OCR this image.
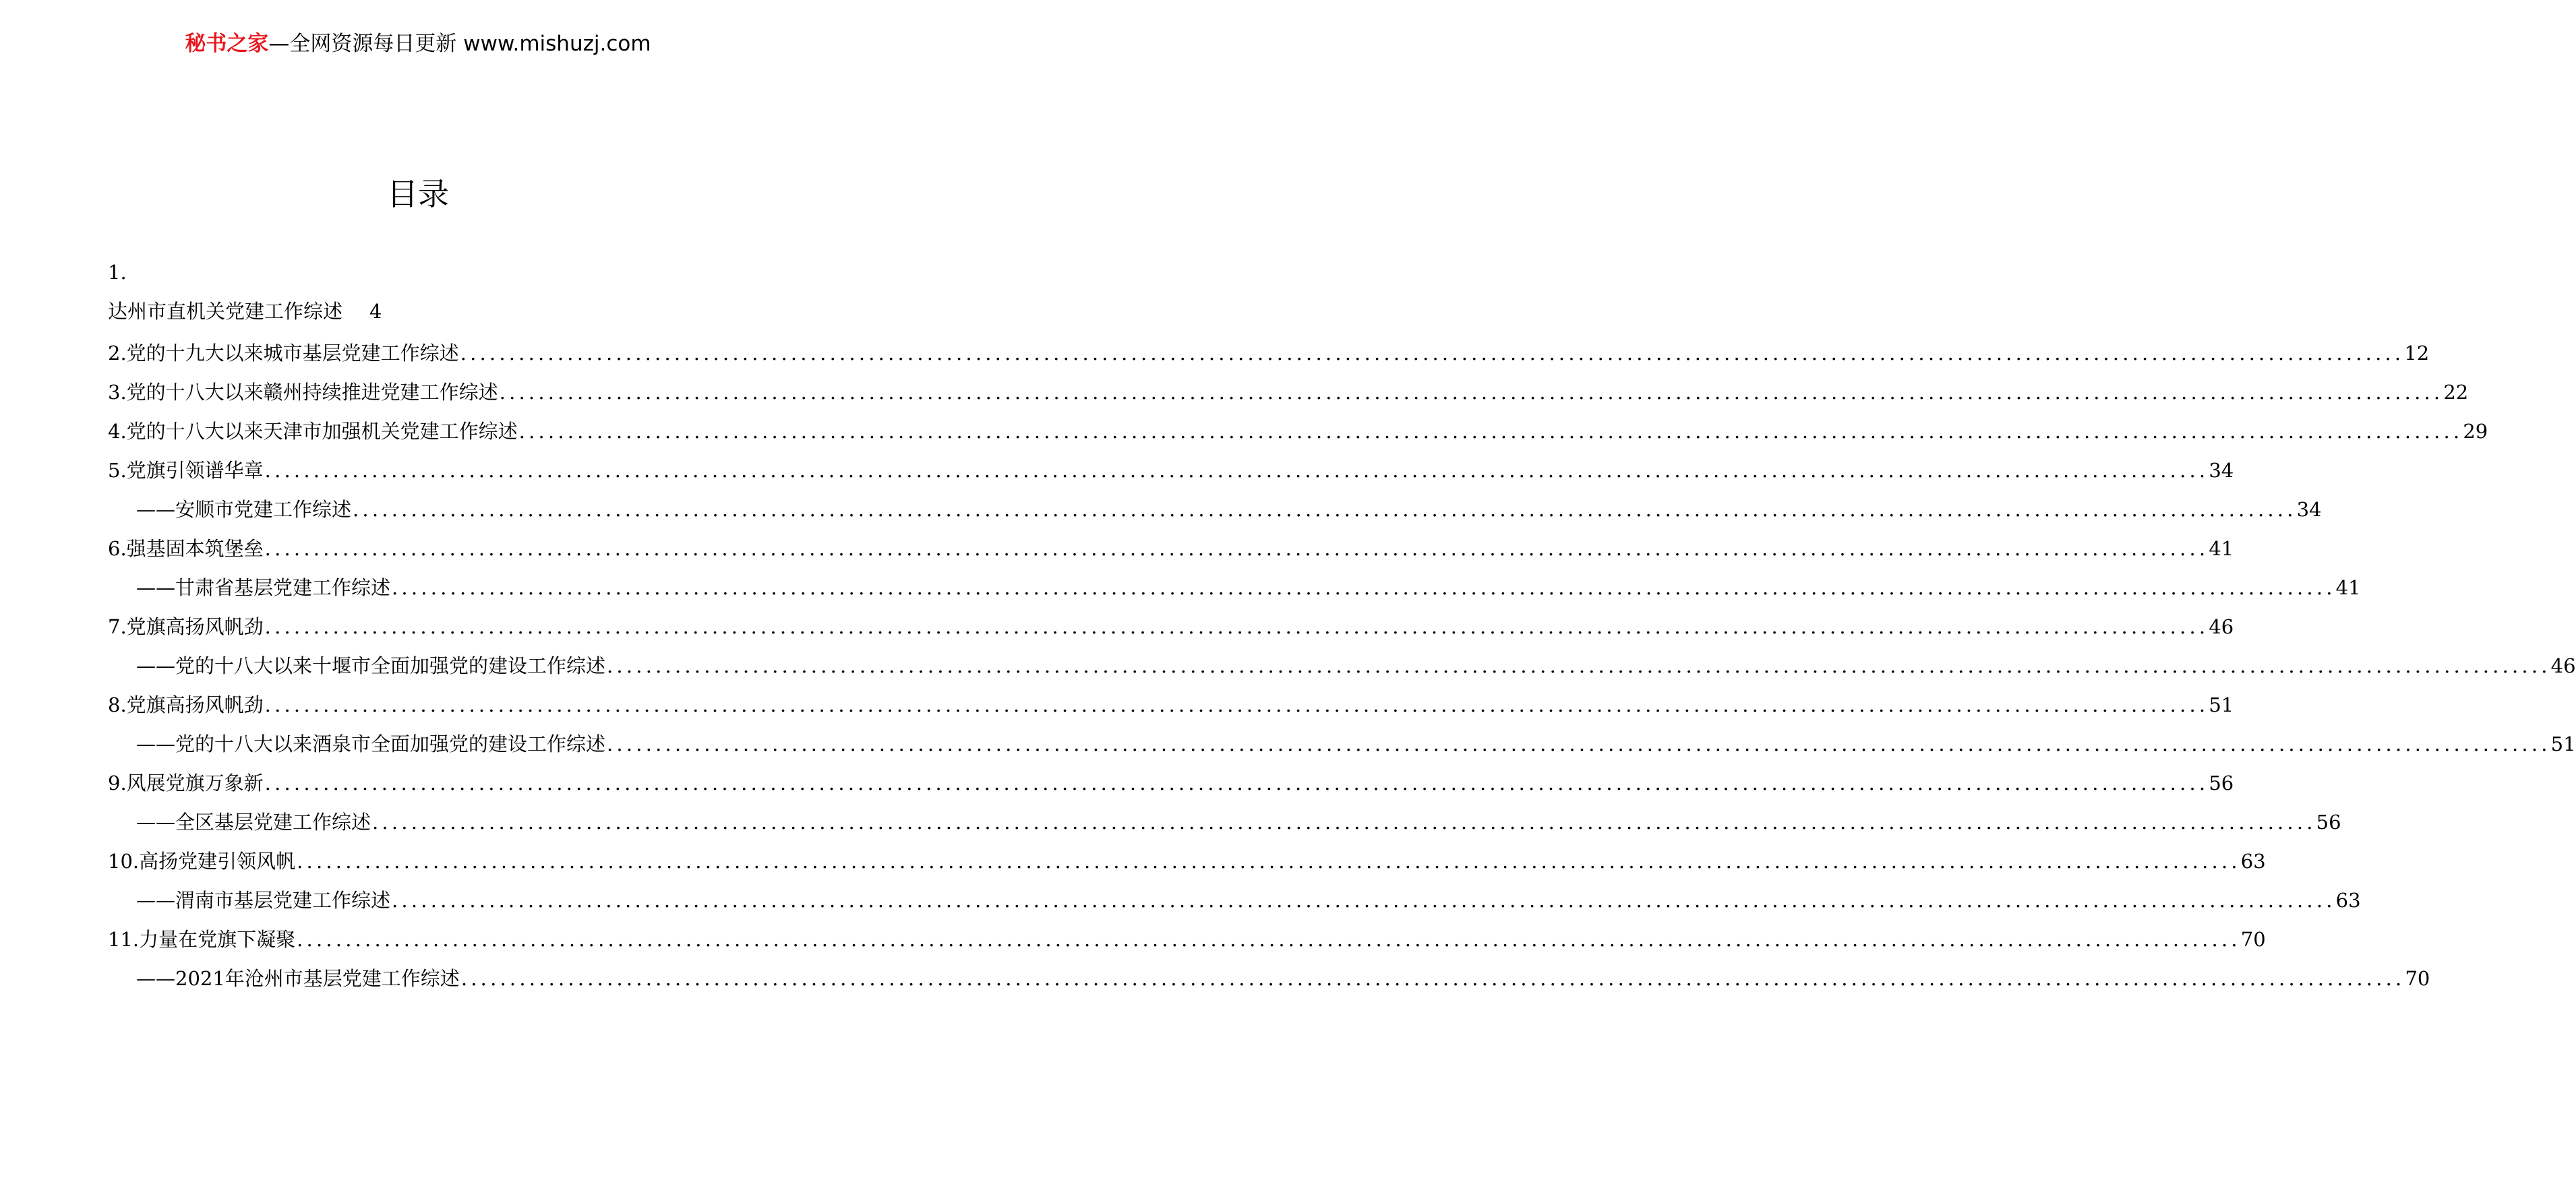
秘书之家—全网资源每日更新 www.mishuzj.com
目录
1.
达州市直机关党建工作综述 4
2.党的十九大以来城市基层党建工作综述 ........................................................................................................................................................................................................ 12
3.党的十八大以来赣州持续推进党建工作综述 ........................................................................................................................................................................................................ 22
4.党的十八大以来天津市加强机关党建工作综述 ........................................................................................................................................................................................................ 29
5.党旗引领谱华章 ........................................................................................................................................................................................................ 34
——安顺市党建工作综述 ........................................................................................................................................................................................................ 34
6.强基固本筑堡垒 ........................................................................................................................................................................................................ 41
——甘肃省基层党建工作综述 ........................................................................................................................................................................................................ 41
7.党旗高扬风帆劲 ........................................................................................................................................................................................................ 46
——党的十八大以来十堰市全面加强党的建设工作综述 ........................................................................................................................................................................................................ 46
8.党旗高扬风帆劲 ........................................................................................................................................................................................................ 51
——党的十八大以来酒泉市全面加强党的建设工作综述 ........................................................................................................................................................................................................ 51
9.风展党旗万象新 ........................................................................................................................................................................................................ 56
——全区基层党建工作综述 ........................................................................................................................................................................................................ 56
10.高扬党建引领风帆 ........................................................................................................................................................................................................ 63
——渭南市基层党建工作综述 ........................................................................................................................................................................................................ 63
11.力量在党旗下凝聚 ........................................................................................................................................................................................................ 70
——2021年沧州市基层党建工作综述 ........................................................................................................................................................................................................ 70
